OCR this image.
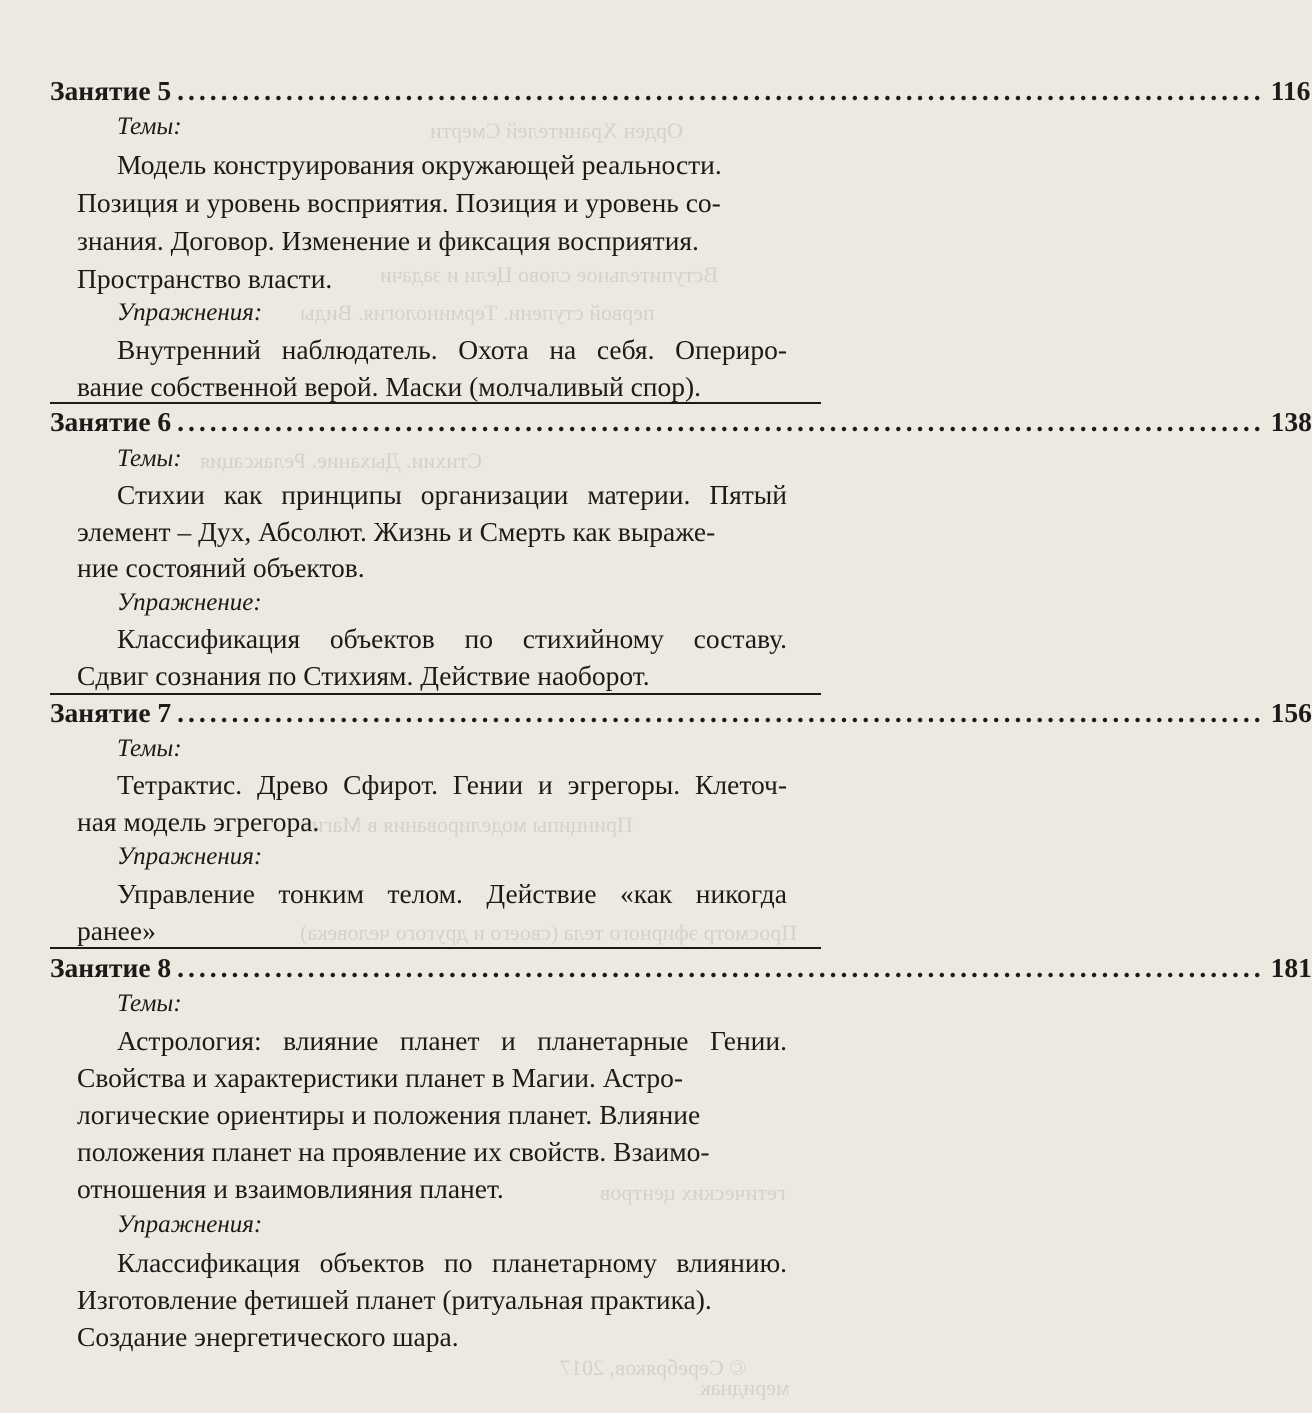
Орден Хранителей Смерти
Вступительное слово Цели и задачи
первой ступени. Терминология. Виды
Стихии. Дыхание. Релаксация
Принципы моделирования в Магии
Просмотр эфирного тела (своего и другого человека)
гетических центров
© Серебряков, 2017
мериднак
Занятие 5 .................................................................................................... 116
Темы:
Модель конструирования окружающей реальности.
Позиция и уровень восприятия. Позиция и уровень со-
знания. Договор. Изменение и фиксация восприятия.
Пространство власти.
Упражнения:
Внутренний наблюдатель. Охота на себя. Опериро-
вание собственной верой. Маски (молчаливый спор).
Занятие 6 .................................................................................................... 138
Темы:
Стихии как принципы организации материи. Пятый
элемент – Дух, Абсолют. Жизнь и Смерть как выраже-
ние состояний объектов.
Упражнение:
Классификация объектов по стихийному составу.
Сдвиг сознания по Стихиям. Действие наоборот.
Занятие 7 .................................................................................................... 156
Темы:
Тетрактис. Древо Сфирот. Гении и эгрегоры. Клеточ-
ная модель эгрегора.
Упражнения:
Управление тонким телом. Действие «как никогда
ранее»
Занятие 8 .................................................................................................... 181
Темы:
Астрология: влияние планет и планетарные Гении.
Свойства и характеристики планет в Магии. Астро-
логические ориентиры и положения планет. Влияние
положения планет на проявление их свойств. Взаимо-
отношения и взаимовлияния планет.
Упражнения:
Классификация объектов по планетарному влиянию.
Изготовление фетишей планет (ритуальная практика).
Создание энергетического шара.
